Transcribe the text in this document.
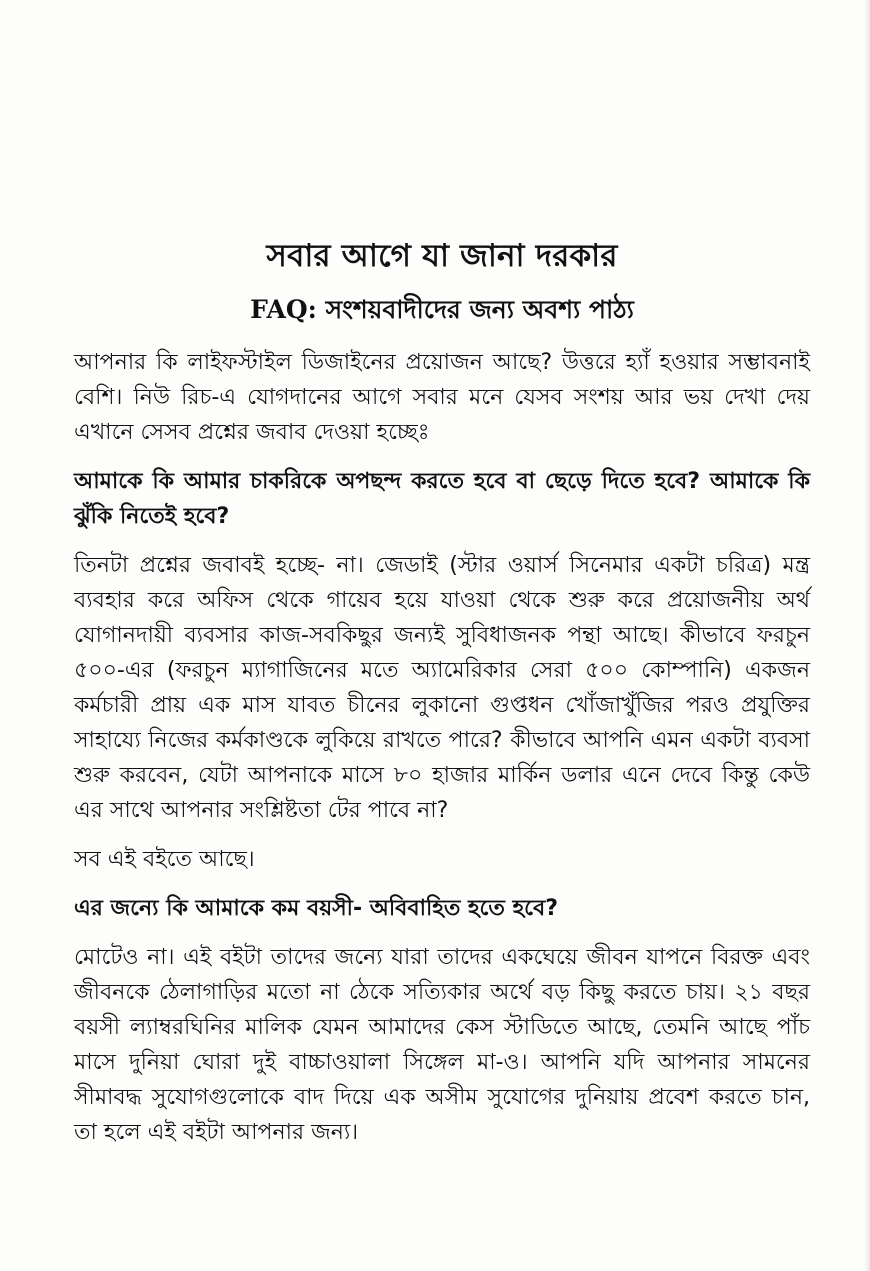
সবার আগে যা জানা দরকার
FAQ: সংশয়বাদীদের জন্য অবশ্য পাঠ্য

আপনার কি লাইফস্টাইল ডিজাইনের প্রয়োজন আছে? উত্তরে হ্যাঁ হওয়ার সম্ভাবনাই বেশি। নিউ রিচ-এ যোগদানের আগে সবার মনে যেসব সংশয় আর ভয় দেখা দেয় এখানে সেসব প্রশ্নের জবাব দেওয়া হচ্ছেঃ

আমাকে কি আমার চাকরিকে অপছন্দ করতে হবে বা ছেড়ে দিতে হবে? আমাকে কি ঝুঁকি নিতেই হবে?

তিনটা প্রশ্নের জবাবই হচ্ছে- না। জেডাই (স্টার ওয়ার্স সিনেমার একটা চরিত্র) মন্ত্র ব্যবহার করে অফিস থেকে গায়েব হয়ে যাওয়া থেকে শুরু করে প্রয়োজনীয় অর্থ যোগানদায়ী ব্যবসার কাজ-সবকিছুর জন্যই সুবিধাজনক পন্থা আছে। কীভাবে ফরচুন ৫০০-এর (ফরচুন ম্যাগাজিনের মতে অ্যামেরিকার সেরা ৫০০ কোম্পানি) একজন কর্মচারী প্রায় এক মাস যাবত চীনের লুকানো গুপ্তধন খোঁজাখুঁজির পরও প্রযুক্তির সাহায্যে নিজের কর্মকাণ্ডকে লুকিয়ে রাখতে পারে? কীভাবে আপনি এমন একটা ব্যবসা শুরু করবেন, যেটা আপনাকে মাসে ৮০ হাজার মার্কিন ডলার এনে দেবে কিন্তু কেউ এর সাথে আপনার সংশ্লিষ্টতা টের পাবে না?

সব এই বইতে আছে।

এর জন্যে কি আমাকে কম বয়সী- অবিবাহিত হতে হবে?

মোটেও না। এই বইটা তাদের জন্যে যারা তাদের একঘেয়ে জীবন যাপনে বিরক্ত এবং জীবনকে ঠেলাগাড়ির মতো না ঠেকে সত্যিকার অর্থে বড় কিছু করতে চায়। ২১ বছর বয়সী ল্যাম্বরঘিনির মালিক যেমন আমাদের কেস স্টাডিতে আছে, তেমনি আছে পাঁচ মাসে দুনিয়া ঘোরা দুই বাচ্চাওয়ালা সিঙ্গেল মা-ও। আপনি যদি আপনার সামনের সীমাবদ্ধ সুযোগগুলোকে বাদ দিয়ে এক অসীম সুযোগের দুনিয়ায় প্রবেশ করতে চান, তা হলে এই বইটা আপনার জন্য।
